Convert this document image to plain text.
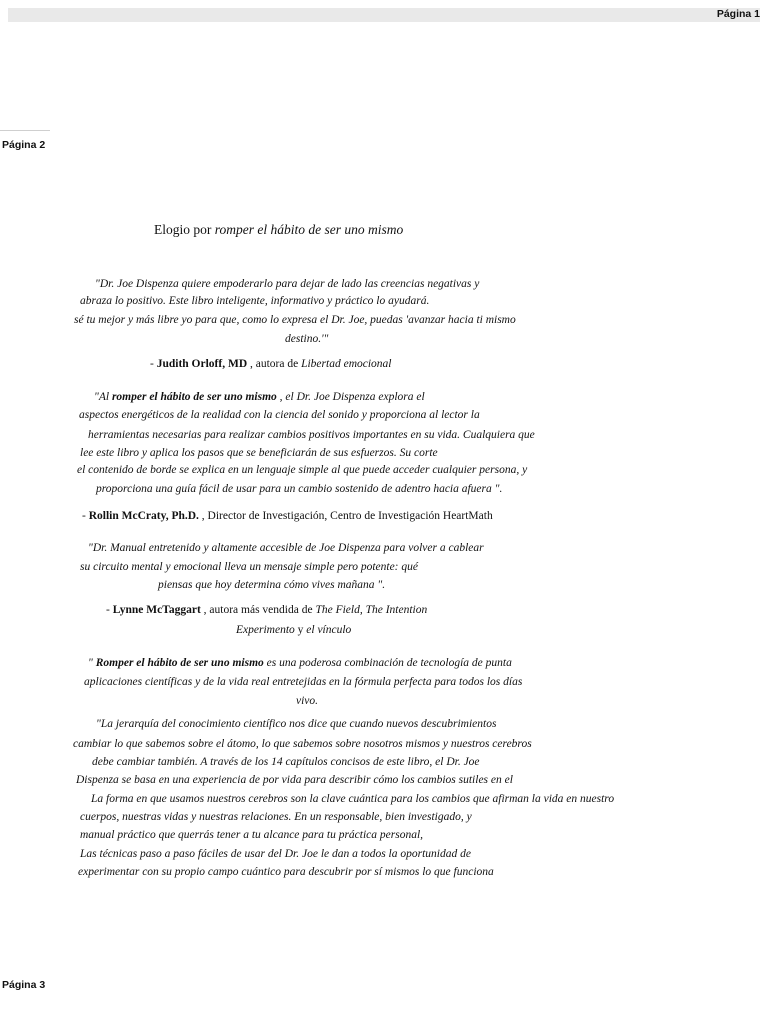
Página 1
Página 2
Elogio por romper el hábito de ser uno mismo
"Dr. Joe Dispenza quiere empoderarlo para dejar de lado las creencias negativas y
abraza lo positivo. Este libro inteligente, informativo y práctico lo ayudará.
sé tu mejor y más libre yo para que, como lo expresa el Dr. Joe, puedas 'avanzar hacia ti mismo
destino.'"
- Judith Orloff, MD , autora de Libertad emocional
"Al romper el hábito de ser uno mismo , el Dr. Joe Dispenza explora el
aspectos energéticos de la realidad con la ciencia del sonido y proporciona al lector la
herramientas necesarias para realizar cambios positivos importantes en su vida. Cualquiera que
lee este libro y aplica los pasos que se beneficiarán de sus esfuerzos. Su corte
el contenido de borde se explica en un lenguaje simple al que puede acceder cualquier persona, y
proporciona una guía fácil de usar para un cambio sostenido de adentro hacia afuera ".
- Rollin McCraty, Ph.D. , Director de Investigación, Centro de Investigación HeartMath
"Dr. Manual entretenido y altamente accesible de Joe Dispenza para volver a cablear
su circuito mental y emocional lleva un mensaje simple pero potente: qué
piensas que hoy determina cómo vives mañana ".
- Lynne McTaggart , autora más vendida de The Field, The Intention
Experimento y el vínculo
" Romper el hábito de ser uno mismo es una poderosa combinación de tecnología de punta
aplicaciones científicas y de la vida real entretejidas en la fórmula perfecta para todos los días
vivo.
"La jerarquía del conocimiento científico nos dice que cuando nuevos descubrimientos
cambiar lo que sabemos sobre el átomo, lo que sabemos sobre nosotros mismos y nuestros cerebros
debe cambiar también. A través de los 14 capítulos concisos de este libro, el Dr. Joe
Dispenza se basa en una experiencia de por vida para describir cómo los cambios sutiles en el
La forma en que usamos nuestros cerebros son la clave cuántica para los cambios que afirman la vida en nuestro
cuerpos, nuestras vidas y nuestras relaciones. En un responsable, bien investigado, y
manual práctico que querrás tener a tu alcance para tu práctica personal,
Las técnicas paso a paso fáciles de usar del Dr. Joe le dan a todos la oportunidad de
experimentar con su propio campo cuántico para descubrir por sí mismos lo que funciona
Página 3
